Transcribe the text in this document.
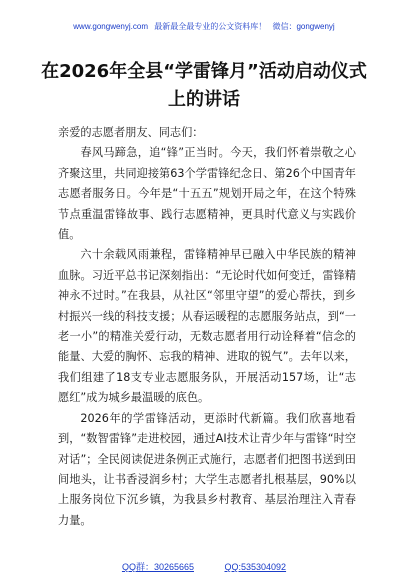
www.gongwenyj.com 最新最全最专业的公文资料库！ 微信：gongwenyj
在2026年全县“学雷锋月”活动启动仪式上的讲话

亲爱的志愿者朋友、同志们：

春风马蹄急，追“锋”正当时。今天，我们怀着崇敬之心齐聚这里，共同迎接第63个学雷锋纪念日、第26个中国青年志愿者服务日。今年是“十五五”规划开局之年，在这个特殊节点重温雷锋故事、践行志愿精神，更具时代意义与实践价值。

六十余载风雨兼程，雷锋精神早已融入中华民族的精神血脉。习近平总书记深刻指出：“无论时代如何变迁，雷锋精神永不过时。”在我县，从社区“邻里守望”的爱心帮扶，到乡村振兴一线的科技支援；从春运暖程的志愿服务站点，到“一老一小”的精准关爱行动，无数志愿者用行动诠释着“信念的能量、大爱的胸怀、忘我的精神、进取的锐气”。去年以来，我们组建了18支专业志愿服务队，开展活动157场，让“志愿红”成为城乡最温暖的底色。

2026年的学雷锋活动，更添时代新篇。我们欣喜地看到，“数智雷锋”走进校园，通过AI技术让青少年与雷锋“时空对话”；全民阅读促进条例正式施行，志愿者们把图书送到田间地头，让书香浸润乡村；大学生志愿者扎根基层，90%以上服务岗位下沉乡镇，为我县乡村教育、基层治理注入青春力量。

QQ群：30265665	QQ:535304092
